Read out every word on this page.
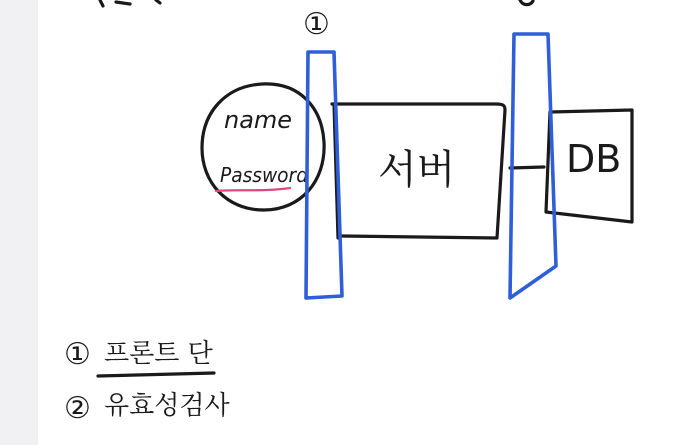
name
Password 서버	DB
①
① 프론트 단
② 유효성검사
